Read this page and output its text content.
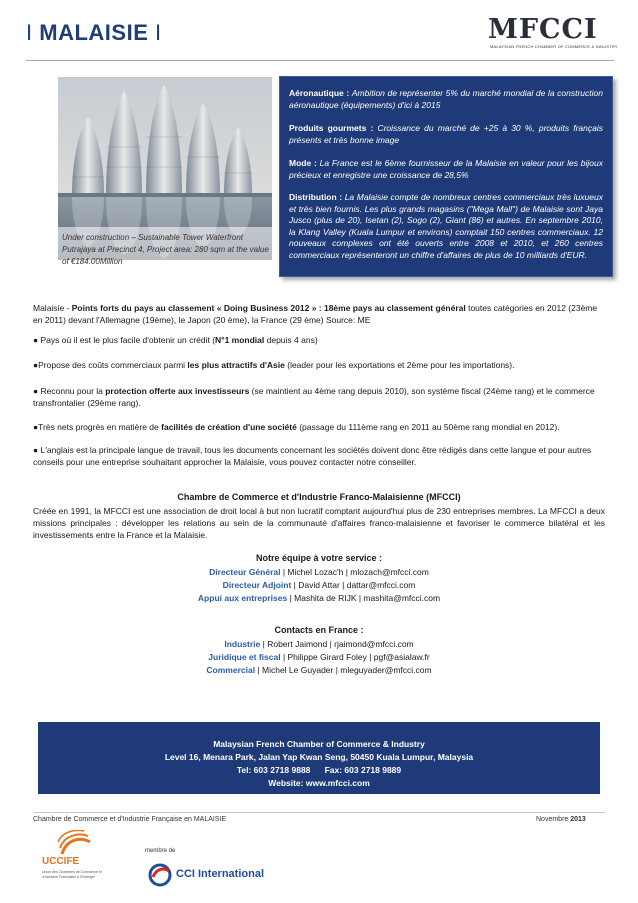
I MALAISIE I	MFCCI
MALAYSIAN FRENCH CHAMBER OF COMMERCE & INDUSTRY
Under construction – Sustainable Tower Waterfront Putrajaya at Precinct 4, Project area: 280 sqm at the value of €184.00Million
Aéronautique : Ambition de représenter 5% du marché mondial de la construction aéronautique (équipements) d'ici à 2015
Produits gourmets : Croissance du marché de +25 à 30 %, produits français présents et très bonne image
Mode : La France est le 6ème fournisseur de la Malaisie en valeur pour les bijoux précieux et enregistre une croissance de 28,5%
Distribution : La Malaisie compte de nombreux centres commerciaux très luxueux et très bien fournis. Les plus grands magasins ("Mega Mall") de Malaisie sont Jaya Jusco (plus de 20), Isetan (2), Sogo (2), Giant (86) et autres. En septembre 2010, la Klang Valley (Kuala Lumpur et environs) comptait 150 centres commerciaux. 12 nouveaux complexes ont été ouverts entre 2008 et 2010, et 260 centres commerciaux représenteront un chiffre d'affaires de plus de 10 milliards d'EUR.
Malaisie - Points forts du pays au classement « Doing Business 2012 » : 18ème pays au classement général toutes catégories en 2012 (23ème en 2011) devant l'Allemagne (19ème), le Japon (20 ème), la France (29 ème) Source: ME
● Pays où il est le plus facile d'obtenir un crédit (N°1 mondial depuis 4 ans)
●Propose des coûts commerciaux parmi les plus attractifs d'Asie (leader pour les exportations et 2ème pour les importations).
● Reconnu pour la protection offerte aux investisseurs (se maintient au 4ème rang depuis 2010), son système fiscal (24ème rang) et le commerce transfrontalier (29ème rang).
●Très nets progrès en matière de facilités de création d'une société (passage du 111ème rang en 2011 au 50ème rang mondial en 2012).
● L'anglais est la principale langue de travail, tous les documents concernant les sociétés doivent donc être rédigés dans cette langue et pour autres conseils pour une entreprise souhaitant approcher la Malaisie, vous pouvez contacter notre conseiller.
Chambre de Commerce et d'Industrie Franco-Malaisienne (MFCCI)
Créée en 1991, la MFCCI est une association de droit local à but non lucratif comptant aujourd'hui plus de 230 entreprises membres. La MFCCI a deux missions principales : développer les relations au sein de la communauté d'affaires franco-malaisienne et favoriser le commerce bilatéral et les investissements entre la France et la Malaisie.
Notre équipe à votre service :
Directeur Général | Michel Lozac'h | mlozach@mfcci.com
Directeur Adjoint | David Attar | dattar@mfcci.com
Appui aux entreprises | Mashita de RIJK | mashita@mfcci.com
Contacts en France :
Industrie | Robert Jaimond | rjaimond@mfcci.com
Juridique et fiscal | Philippe Girard Foley | pgf@asialaw.fr
Commercial | Michel Le Guyader | mleguyader@mfcci.com
Malaysian French Chamber of Commerce & Industry
Level 16, Menara Park, Jalan Yap Kwan Seng, 50450 Kuala Lumpur, Malaysia
Tel: 603 2718 9888      Fax: 603 2718 9889
Website: www.mfcci.com
Chambre de Commerce et d'Industrie Française en MALAISIE	Novembre 2013
UCCIFE
Union des Chambres de Commerce et d'Industrie Françaises à l'Etranger
membre de
CCI International
